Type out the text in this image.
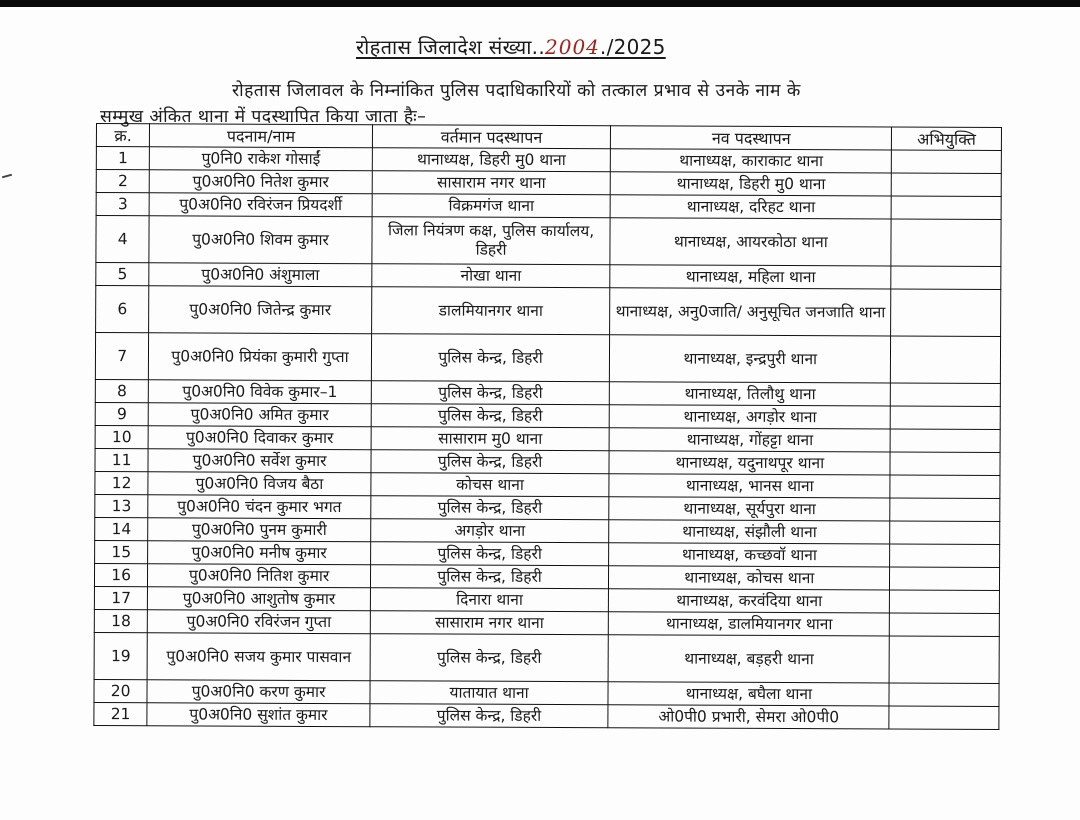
रोहतास जिलादेश संख्या..2004./2025
रोहतास जिलावल के निम्नांकित पुलिस पदाधिकारियों को तत्काल प्रभाव से उनके नाम के
सम्मुख अंकित थाना में पदस्थापित किया जाता हैः–
क्र.	पदनाम/नाम	वर्तमान पदस्थापन	नव पदस्थापन	अभियुक्ति
1	पु0नि0 राकेश गोसाईं	थानाध्यक्ष, डिहरी मु0 थाना	थानाध्यक्ष, काराकाट थाना	
2	पु0अ0नि0 नितेश कुमार	सासाराम नगर थाना	थानाध्यक्ष, डिहरी मु0 थाना	
3	पु0अ0नि0 रविरंजन प्रियदर्शी	विक्रमगंज थाना	थानाध्यक्ष, दरिहट थाना	
4	पु0अ0नि0 शिवम कुमार	जिला नियंत्रण कक्ष, पुलिस कार्यालय, डिहरी	थानाध्यक्ष, आयरकोठा थाना	
5	पु0अ0नि0 अंशुमाला	नोखा थाना	थानाध्यक्ष, महिला थाना	
6	पु0अ0नि0 जितेन्द्र कुमार	डालमियानगर थाना	थानाध्यक्ष, अनु0जाति/ अनुसूचित जनजाति थाना	
7	पु0अ0नि0 प्रियंका कुमारी गुप्ता	पुलिस केन्द्र, डिहरी	थानाध्यक्ष, इन्द्रपुरी थाना	
8	पु0अ0नि0 विवेक कुमार–1	पुलिस केन्द्र, डिहरी	थानाध्यक्ष, तिलौथु थाना	
9	पु0अ0नि0 अमित कुमार	पुलिस केन्द्र, डिहरी	थानाध्यक्ष, अगड़ोर थाना	
10	पु0अ0नि0 दिवाकर कुमार	सासाराम मु0 थाना	थानाध्यक्ष, गोंहट्टा थाना	
11	पु0अ0नि0 सर्वेश कुमार	पुलिस केन्द्र, डिहरी	थानाध्यक्ष, यदुनाथपूर थाना	
12	पु0अ0नि0 विजय बैठा	कोचस थाना	थानाध्यक्ष, भानस थाना	
13	पु0अ0नि0 चंदन कुमार भगत	पुलिस केन्द्र, डिहरी	थानाध्यक्ष, सूर्यपुरा थाना	
14	पु0अ0नि0 पुनम कुमारी	अगड़ोर थाना	थानाध्यक्ष, संझौली थाना	
15	पु0अ0नि0 मनीष कुमार	पुलिस केन्द्र, डिहरी	थानाध्यक्ष, कच्छवॉ थाना	
16	पु0अ0नि0 नितिश कुमार	पुलिस केन्द्र, डिहरी	थानाध्यक्ष, कोचस थाना	
17	पु0अ0नि0 आशुतोष कुमार	दिनारा थाना	थानाध्यक्ष, करवंदिया थाना	
18	पु0अ0नि0 रविरंजन गुप्ता	सासाराम नगर थाना	थानाध्यक्ष, डालमियानगर थाना	
19	पु0अ0नि0 सजय कुमार पासवान	पुलिस केन्द्र, डिहरी	थानाध्यक्ष, बड़हरी थाना	
20	पु0अ0नि0 करण कुमार	यातायात थाना	थानाध्यक्ष, बघैला थाना	
21	पु0अ0नि0 सुशांत कुमार	पुलिस केन्द्र, डिहरी	ओ0पी0 प्रभारी, सेमरा ओ0पी0	
